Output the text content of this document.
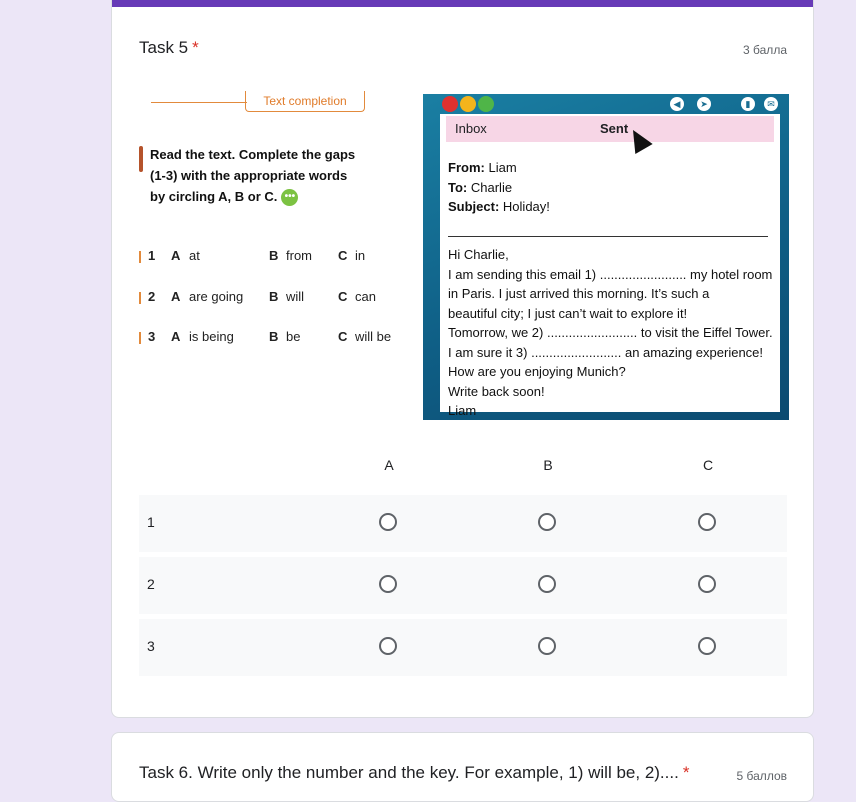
Task 5 *	3 балла
Text completion
Read the text. Complete the gaps (1-3) with the appropriate words by circling A, B or C. •••
1 A at	B from C in
2 A are going B will	C can
3 A is being	B be	C will be
◀	➤	▮	✉
Inbox	Sent
From: Liam
To: Charlie
Subject: Holiday!
Hi Charlie,
I am sending this email 1) ........................ my hotel room
in Paris. I just arrived this morning. It’s such a
beautiful city; I just can’t wait to explore it!
Tomorrow, we 2) ......................... to visit the Eiffel Tower.
I am sure it 3) ......................... an amazing experience!
How are you enjoying Munich?
Write back soon!
Liam
A	B	C
1
2
3
Task 6. Write only the number and the key. For example, 1) will be, 2).... *	5 баллов
